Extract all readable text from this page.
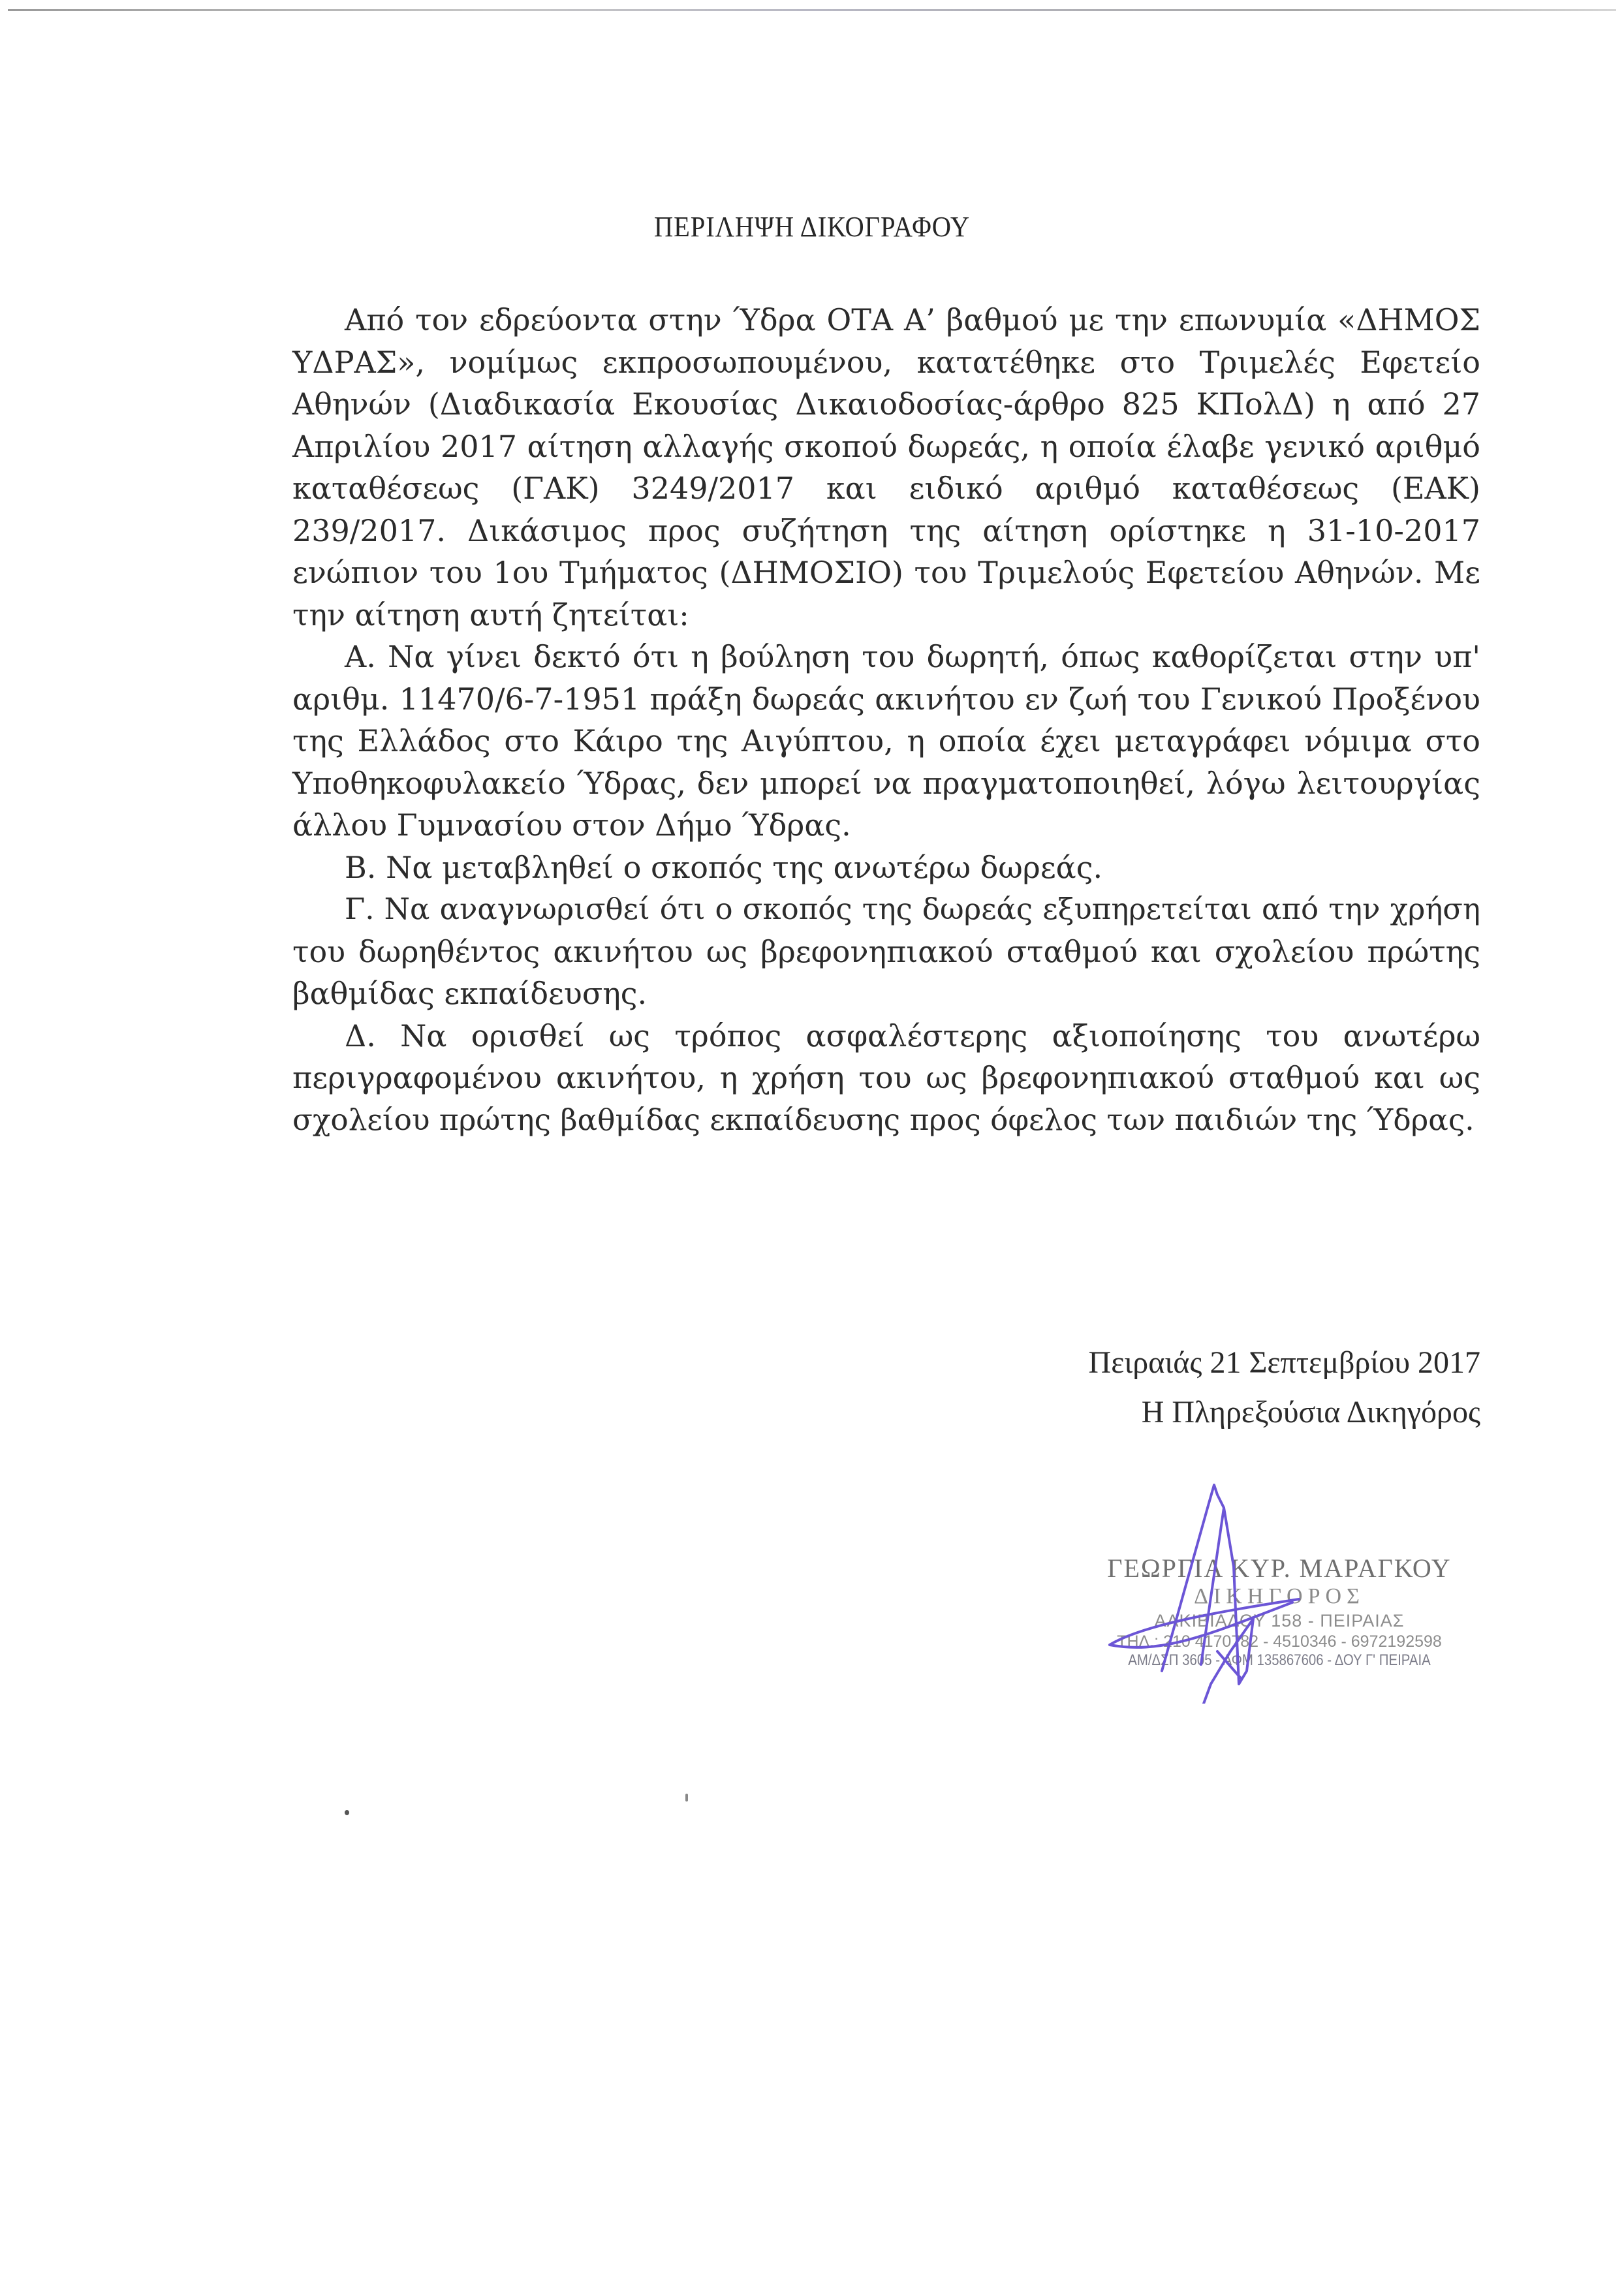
ΠΕΡΙΛΗΨΗ ΔΙΚΟΓΡΑΦΟΥ
Από τον εδρεύοντα στην Ύδρα ΟΤΑ Α’ βαθμού με την επωνυμία «ΔΗΜΟΣ
ΥΔΡΑΣ», νομίμως εκπροσωπουμένου, κατατέθηκε στο Τριμελές Εφετείο
Αθηνών (Διαδικασία Εκουσίας Δικαιοδοσίας-άρθρο 825 ΚΠολΔ) η από 27
Απριλίου 2017 αίτηση αλλαγής σκοπού δωρεάς, η οποία έλαβε γενικό αριθμό
καταθέσεως (ΓΑΚ) 3249/2017 και ειδικό αριθμό καταθέσεως (ΕΑΚ)
239/2017. Δικάσιμος προς συζήτηση της αίτηση ορίστηκε η 31-10-2017
ενώπιον του 1ου Τμήματος (ΔΗΜΟΣΙΟ) του Τριμελούς Εφετείου Αθηνών. Με
την αίτηση αυτή ζητείται:
Α. Να γίνει δεκτό ότι η βούληση του δωρητή, όπως καθορίζεται στην υπ'
αριθμ. 11470/6-7-1951 πράξη δωρεάς ακινήτου εν ζωή του Γενικού Προξένου
της Ελλάδος στο Κάιρο της Αιγύπτου, η οποία έχει μεταγράφει νόμιμα στο
Υποθηκοφυλακείο Ύδρας, δεν μπορεί να πραγματοποιηθεί, λόγω λειτουργίας
άλλου Γυμνασίου στον Δήμο Ύδρας.
Β. Να μεταβληθεί ο σκοπός της ανωτέρω δωρεάς.
Γ. Να αναγνωρισθεί ότι ο σκοπός της δωρεάς εξυπηρετείται από την χρήση
του δωρηθέντος ακινήτου ως βρεφονηπιακού σταθμού και σχολείου πρώτης
βαθμίδας εκπαίδευσης.
Δ. Να ορισθεί ως τρόπος ασφαλέστερης αξιοποίησης του ανωτέρω
περιγραφομένου ακινήτου, η χρήση του ως βρεφονηπιακού σταθμού και ως
σχολείου πρώτης βαθμίδας εκπαίδευσης προς όφελος των παιδιών της Ύδρας.
Πειραιάς 21 Σεπτεμβρίου 2017
Η Πληρεξούσια Δικηγόρος
ΓΕΩΡΓΙΑ ΚΥΡ. ΜΑΡΑΓΚΟΥ
ΔΙΚΗΓΟΡΟΣ
ΑΛΚΙΒΙΑΔΟΥ 158 - ΠΕΙΡΑΙΑΣ
ΤΗΛ.: 210 4170782 - 4510346 - 6972192598
ΑΜ/ΔΣΠ 3605 - ΑΦΜ 135867606 - ΔΟΥ Γ' ΠΕΙΡΑΙΑ
